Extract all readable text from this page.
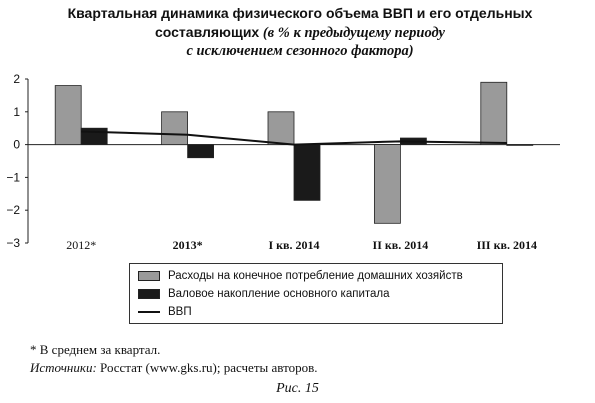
Квартальная динамика физического объема ВВП и его отдельных
составляющих (в % к предыдущему периоду
с исключением сезонного фактора)
2
1
0
−1
−2
−3	2012*	2013*	I кв. 2014	II кв. 2014	III кв. 2014
Расходы на конечное потребление домашних хозяйств
Валовое накопление основного капитала
ВВП
* В среднем за квартал.
Источники: Росстат (www.gks.ru); расчеты авторов.
Рис. 15
